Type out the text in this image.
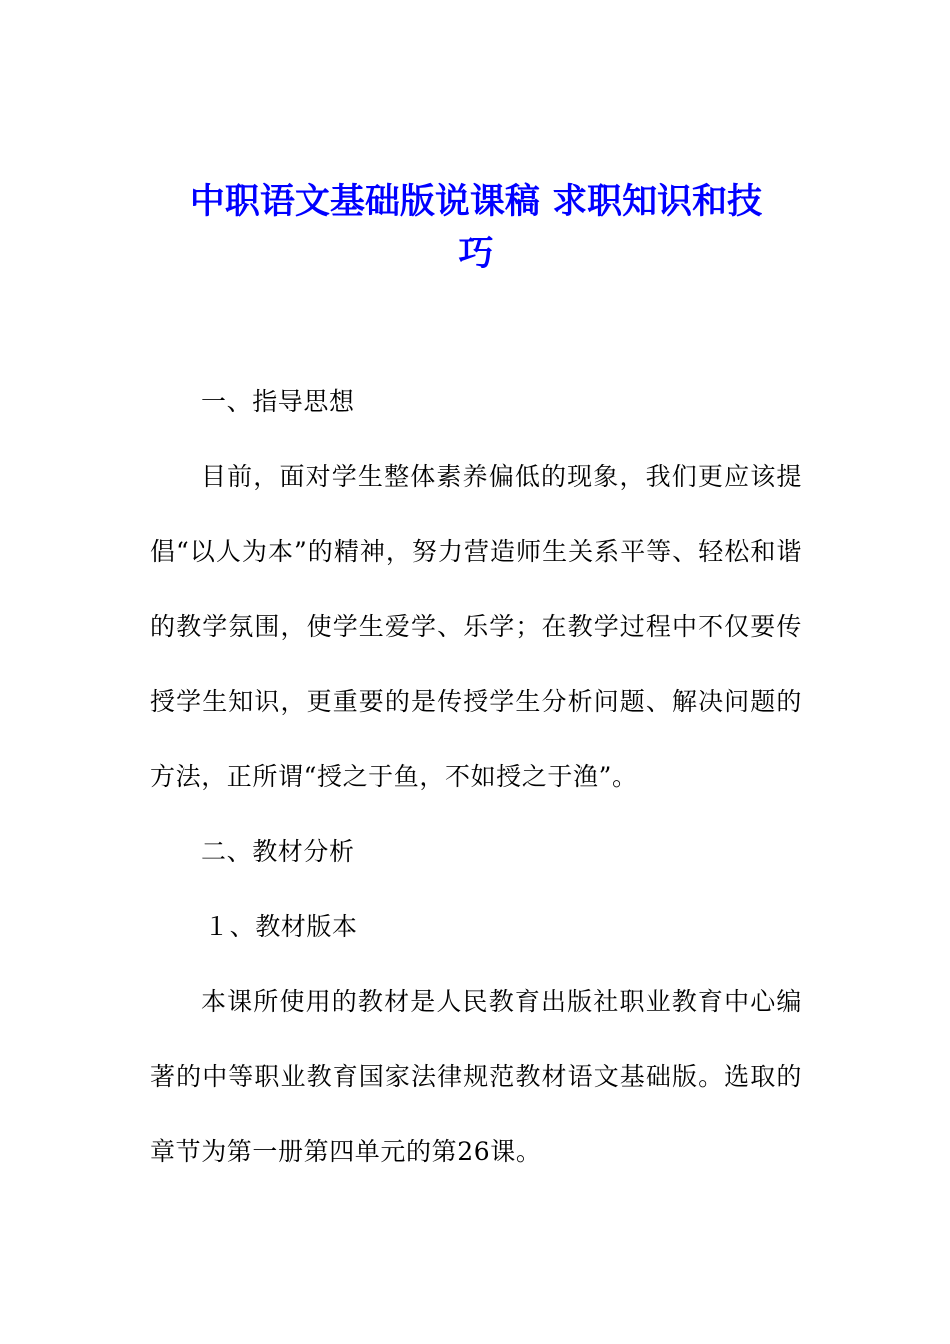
中职语文基础版说课稿 求职知识和技
巧

一、指导思想

目前，面对学生整体素养偏低的现象，我们更应该提倡“以人为本”的精神，努力营造师生关系平等、轻松和谐的教学氛围，使学生爱学、乐学；在教学过程中不仅要传授学生知识，更重要的是传授学生分析问题、解决问题的方法，正所谓“授之于鱼，不如授之于渔”。

二、教材分析

１、教材版本

本课所使用的教材是人民教育出版社职业教育中心编著的中等职业教育国家法律规范教材语文基础版。选取的章节为第一册第四单元的第26课。
